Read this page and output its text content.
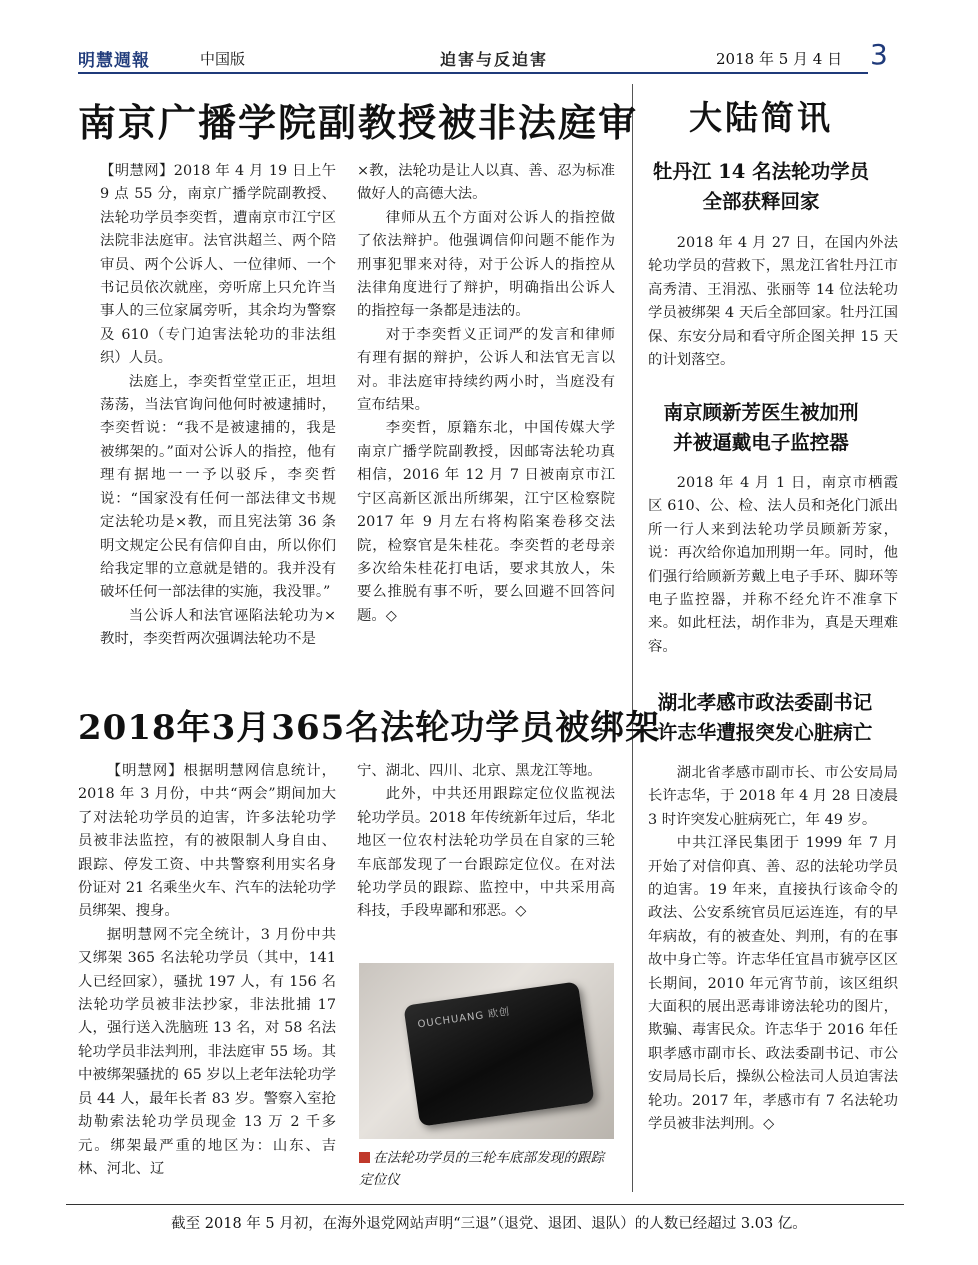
明慧週報	中国版	迫害与反迫害	2018 年 5 月 4 日 3
南京广播学院副教授被非法庭审

【明慧网】2018 年 4 月 19 日上午 9 点 55 分，南京广播学院副教授、法轮功学员李奕哲，遭南京市江宁区法院非法庭审。法官洪超兰、两个陪审员、两个公诉人、一位律师、一个书记员依次就座，旁听席上只允许当事人的三位家属旁听，其余均为警察及 610（专门迫害法轮功的非法组织）人员。

法庭上，李奕哲堂堂正正，坦坦荡荡，当法官询问他何时被逮捕时，李奕哲说：“我不是被逮捕的，我是被绑架的。”面对公诉人的指控，他有理有据地一一予以驳斥，李奕哲说：“国家没有任何一部法律文书规定法轮功是×教，而且宪法第 36 条明文规定公民有信仰自由，所以你们给我定罪的立意就是错的。我并没有破坏任何一部法律的实施，我没罪。”

当公诉人和法官诬陷法轮功为×教时，李奕哲两次强调法轮功不是

×教，法轮功是让人以真、善、忍为标准做好人的高德大法。

律师从五个方面对公诉人的指控做了依法辩护。他强调信仰问题不能作为刑事犯罪来对待，对于公诉人的指控从法律角度进行了辩护，明确指出公诉人的指控每一条都是违法的。

对于李奕哲义正词严的发言和律师有理有据的辩护，公诉人和法官无言以对。非法庭审持续约两小时，当庭没有宣布结果。

李奕哲，原籍东北，中国传媒大学南京广播学院副教授，因邮寄法轮功真相信，2016 年 12 月 7 日被南京市江宁区高新区派出所绑架，江宁区检察院 2017 年 9 月左右将构陷案卷移交法院，检察官是朱桂花。李奕哲的老母亲多次给朱桂花打电话，要求其放人，朱要么推脱有事不听，要么回避不回答问题。◇

2018年3月365名法轮功学员被绑架

【明慧网】根据明慧网信息统计，2018 年 3 月份，中共“两会”期间加大了对法轮功学员的迫害，许多法轮功学员被非法监控，有的被限制人身自由、跟踪、停发工资、中共警察利用实名身份证对 21 名乘坐火车、汽车的法轮功学员绑架、搜身。

据明慧网不完全统计，3 月份中共又绑架 365 名法轮功学员（其中，141 人已经回家），骚扰 197 人，有 156 名法轮功学员被非法抄家，非法批捕 17 人，强行送入洗脑班 13 名，对 58 名法轮功学员非法判刑，非法庭审 55 场。其中被绑架骚扰的 65 岁以上老年法轮功学员 44 人，最年长者 83 岁。警察入室抢劫勒索法轮功学员现金 13 万 2 千多元。绑架最严重的地区为：山东、吉林、河北、辽

宁、湖北、四川、北京、黑龙江等地。

此外，中共还用跟踪定位仪监视法轮功学员。2018 年传统新年过后，华北地区一位农村法轮功学员在自家的三轮车底部发现了一台跟踪定位仪。在对法轮功学员的跟踪、监控中，中共采用高科技，手段卑鄙和邪恶。◇

OUCHUANG 欧创
在法轮功学员的三轮车底部发现的跟踪定位仪
大陆简讯
牡丹江 14 名法轮功学员
全部获释回家

2018 年 4 月 27 日，在国内外法轮功学员的营救下，黑龙江省牡丹江市高秀清、王涓泓、张丽等 14 位法轮功学员被绑架 4 天后全部回家。牡丹江国保、东安分局和看守所企图关押 15 天的计划落空。

南京顾新芳医生被加刑
并被逼戴电子监控器

2018 年 4 月 1 日，南京市栖霞区 610、公、检、法人员和尧化门派出所一行人来到法轮功学员顾新芳家，说：再次给你追加刑期一年。同时，他们强行给顾新芳戴上电子手环、脚环等电子监控器，并称不经允许不准拿下来。如此枉法，胡作非为，真是天理难容。

湖北孝感市政法委副书记
许志华遭报突发心脏病亡

湖北省孝感市副市长、市公安局局长许志华，于 2018 年 4 月 28 日凌晨 3 时许突发心脏病死亡，年 49 岁。

中共江泽民集团于 1999 年 7 月开始了对信仰真、善、忍的法轮功学员的迫害。19 年来，直接执行该命令的政法、公安系统官员厄运连连，有的早年病故，有的被查处、判刑，有的在事故中身亡等。许志华任宜昌市猇亭区区长期间，2010 年元宵节前，该区组织大面积的展出恶毒诽谤法轮功的图片，欺骗、毒害民众。许志华于 2016 年任职孝感市副市长、政法委副书记、市公安局局长后，操纵公检法司人员迫害法轮功。2017 年，孝感市有 7 名法轮功学员被非法判刑。◇

截至 2018 年 5 月初，在海外退党网站声明“三退”（退党、退团、退队）的人数已经超过 3.03 亿。
